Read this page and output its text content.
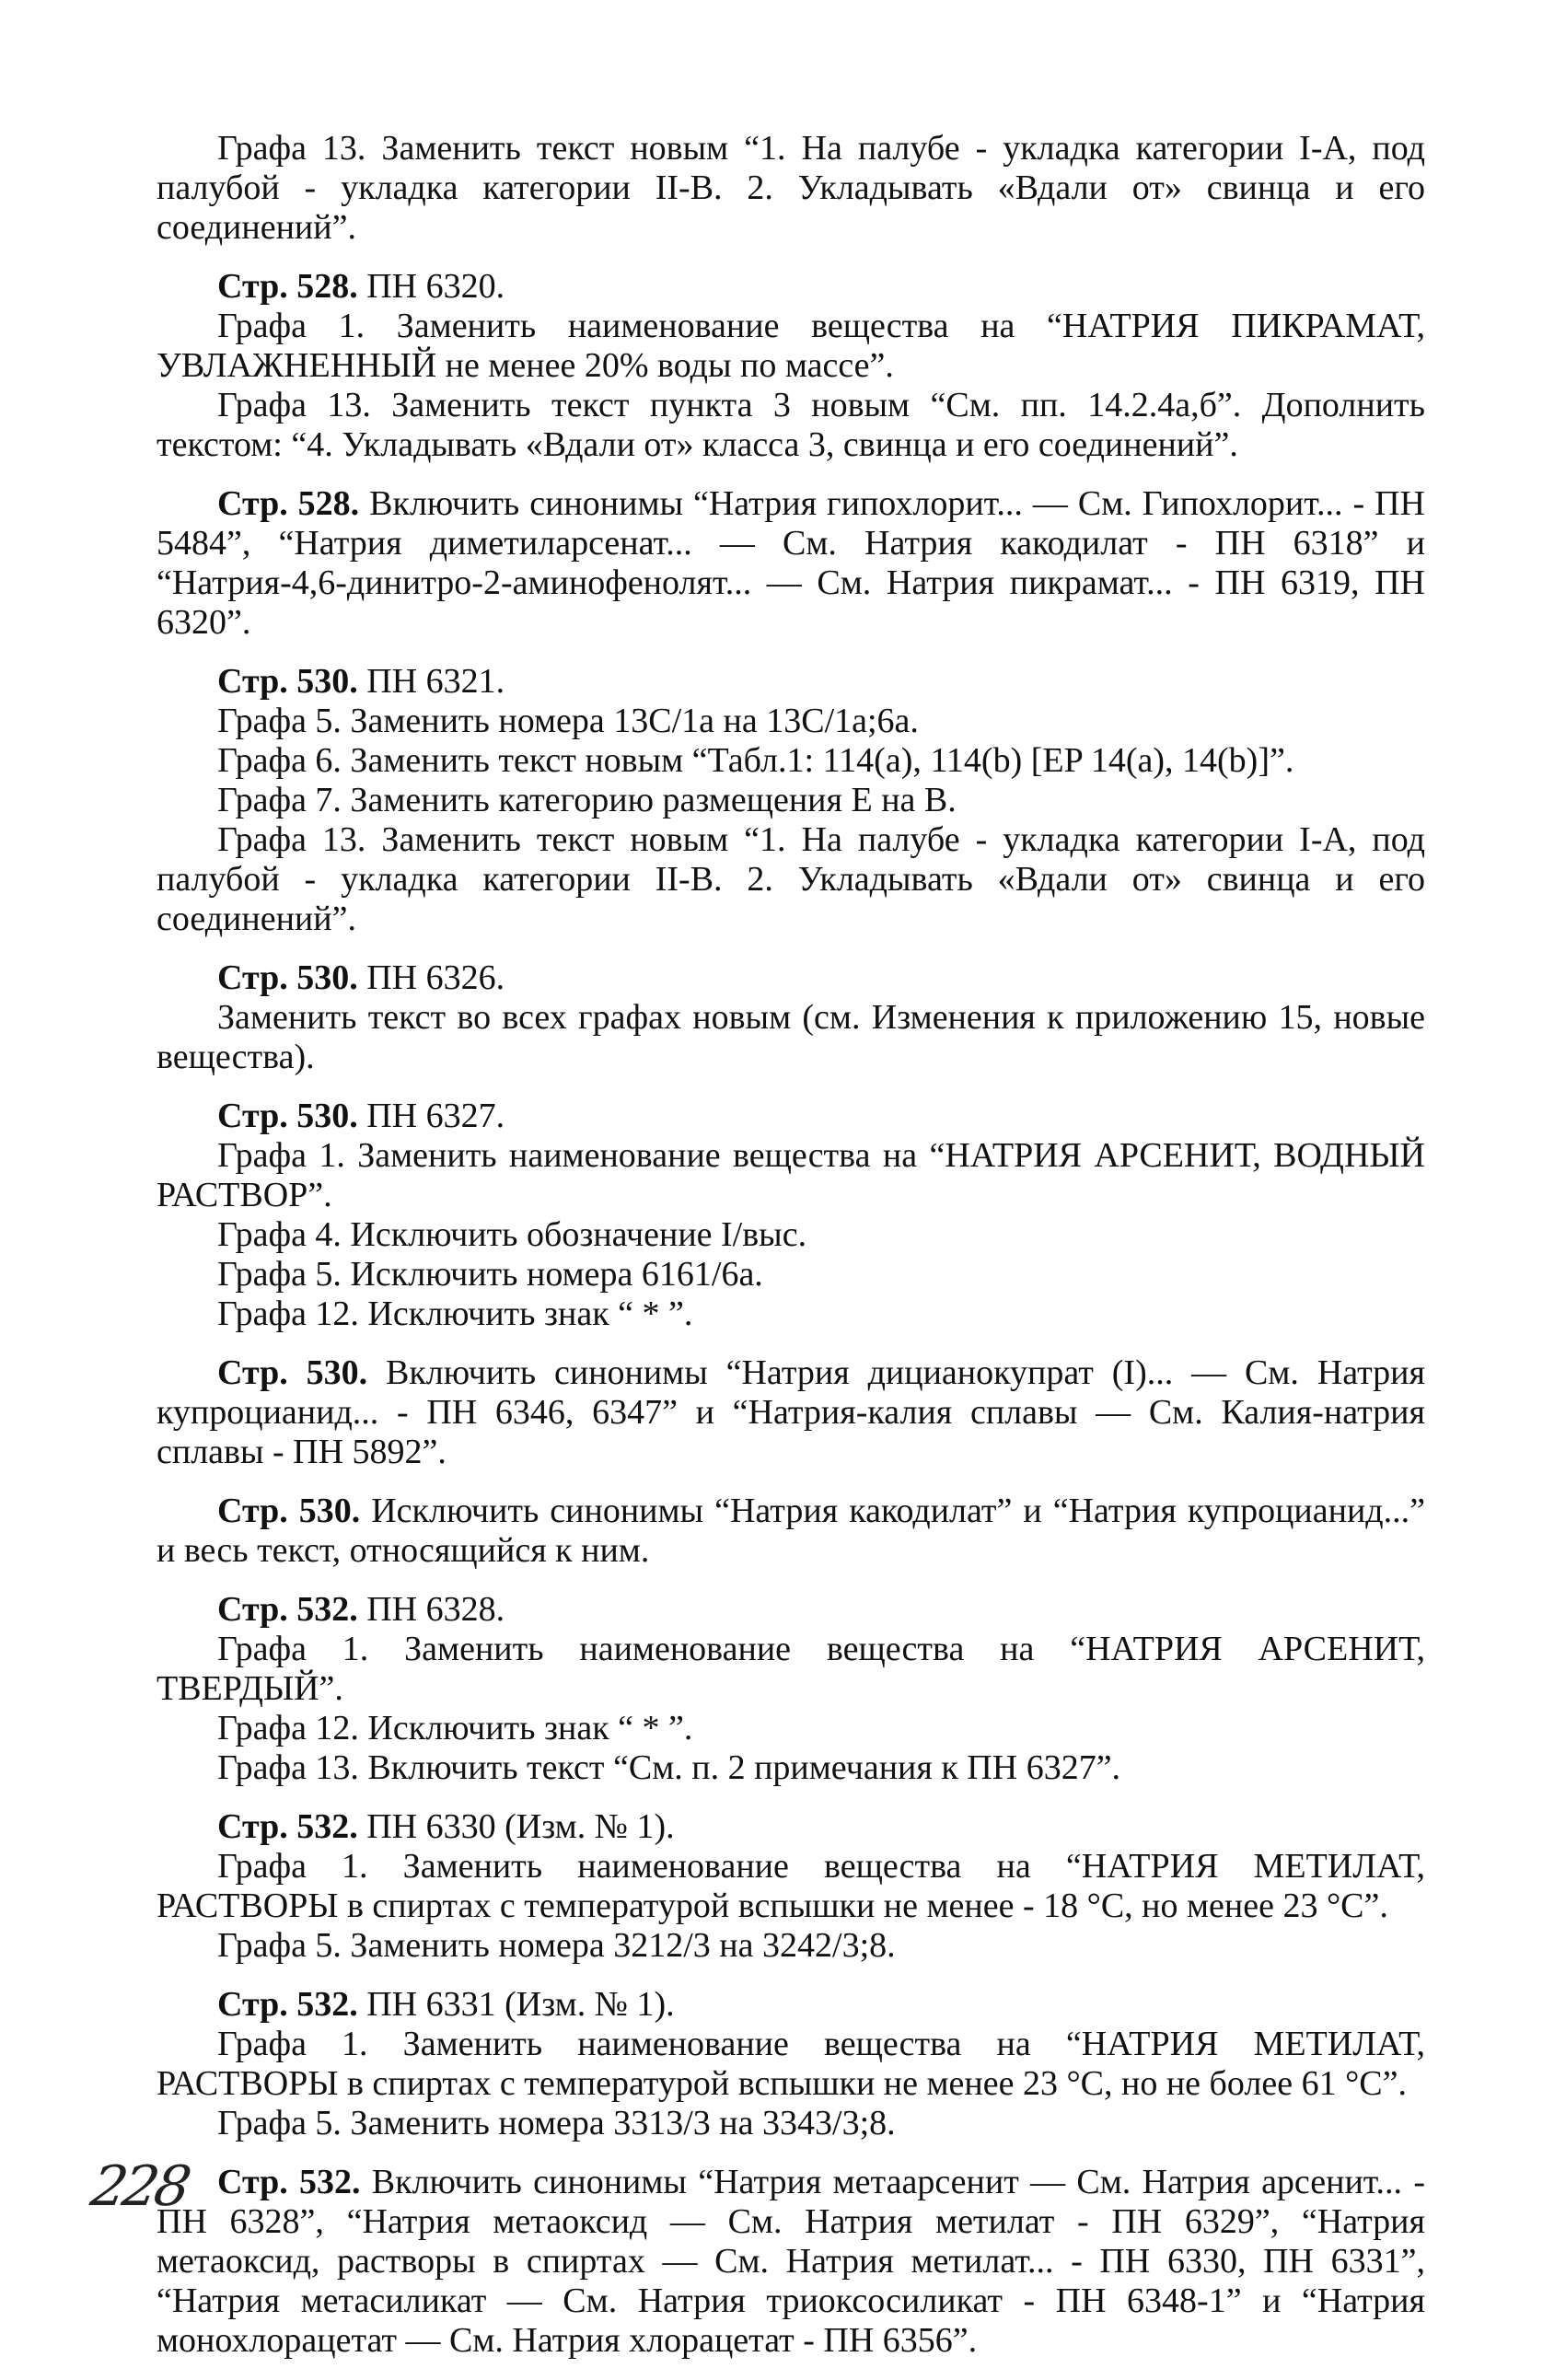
Графа 13. Заменить текст новым “1. На палубе - укладка категории I-A, под палубой - укладка категории II-B. 2. Укладывать «Вдали от» свинца и его соединений”.

Стр. 528. ПН 6320.

Графа 1. Заменить наименование вещества на “НАТРИЯ ПИКРАМАТ, УВЛАЖНЕННЫЙ не менее 20% воды по массе”.

Графа 13. Заменить текст пункта 3 новым “См. пп. 14.2.4а,б”. Дополнить текстом: “4. Укладывать «Вдали от» класса 3, свинца и его соединений”.

Стр. 528. Включить синонимы “Натрия гипохлорит... — См. Гипохлорит... - ПН 5484”, “Натрия диметиларсенат... — См. Натрия какодилат - ПН 6318” и “Натрия-4,6-динитро-2-аминофенолят... — См. Натрия пикрамат... - ПН 6319, ПН 6320”.

Стр. 530. ПН 6321.

Графа 5. Заменить номера 13С/1а на 13С/1а;6а.

Графа 6. Заменить текст новым “Табл.1: 114(a), 114(b) [EP 14(a), 14(b)]”.

Графа 7. Заменить категорию размещения Е на В.

Графа 13. Заменить текст новым “1. На палубе - укладка категории I-A, под палубой - укладка категории II-B. 2. Укладывать «Вдали от» свинца и его соединений”.

Стр. 530. ПН 6326.

Заменить текст во всех графах новым (см. Изменения к приложению 15, новые вещества).

Стр. 530. ПН 6327.

Графа 1. Заменить наименование вещества на “НАТРИЯ АРСЕНИТ, ВОДНЫЙ РАСТВОР”.

Графа 4. Исключить обозначение I/выс.

Графа 5. Исключить номера 6161/6а.

Графа 12. Исключить знак “ * ”.

Стр. 530. Включить синонимы “Натрия дицианокупрат (I)... — См. Натрия купроцианид... - ПН 6346, 6347” и “Натрия-калия сплавы — См. Калия-натрия сплавы - ПН 5892”.

Стр. 530. Исключить синонимы “Натрия какодилат” и “Натрия купроцианид...” и весь текст, относящийся к ним.

Стр. 532. ПН 6328.

Графа 1. Заменить наименование вещества на “НАТРИЯ АРСЕНИТ, ТВЕРДЫЙ”.

Графа 12. Исключить знак “ * ”.

Графа 13. Включить текст “См. п. 2 примечания к ПН 6327”.

Стр. 532. ПН 6330 (Изм. № 1).

Графа 1. Заменить наименование вещества на “НАТРИЯ МЕТИЛАТ, РАСТВОРЫ в спиртах с температурой вспышки не менее - 18 °С, но менее 23 °С”.

Графа 5. Заменить номера 3212/3 на 3242/3;8.

Стр. 532. ПН 6331 (Изм. № 1).

Графа 1. Заменить наименование вещества на “НАТРИЯ МЕТИЛАТ, РАСТВОРЫ в спиртах с температурой вспышки не менее 23 °С, но не более 61 °С”.

Графа 5. Заменить номера 3313/3 на 3343/3;8.

Стр. 532. Включить синонимы “Натрия метаарсенит — См. Натрия арсенит... - ПН 6328”, “Натрия метаоксид — См. Натрия метилат - ПН 6329”, “Натрия метаоксид, растворы в спиртах — См. Натрия метилат... - ПН 6330, ПН 6331”, “Натрия метасиликат — См. Натрия триоксосиликат - ПН 6348-1” и “Натрия монохлорацетат — См. Натрия хлорацетат - ПН 6356”.

228
